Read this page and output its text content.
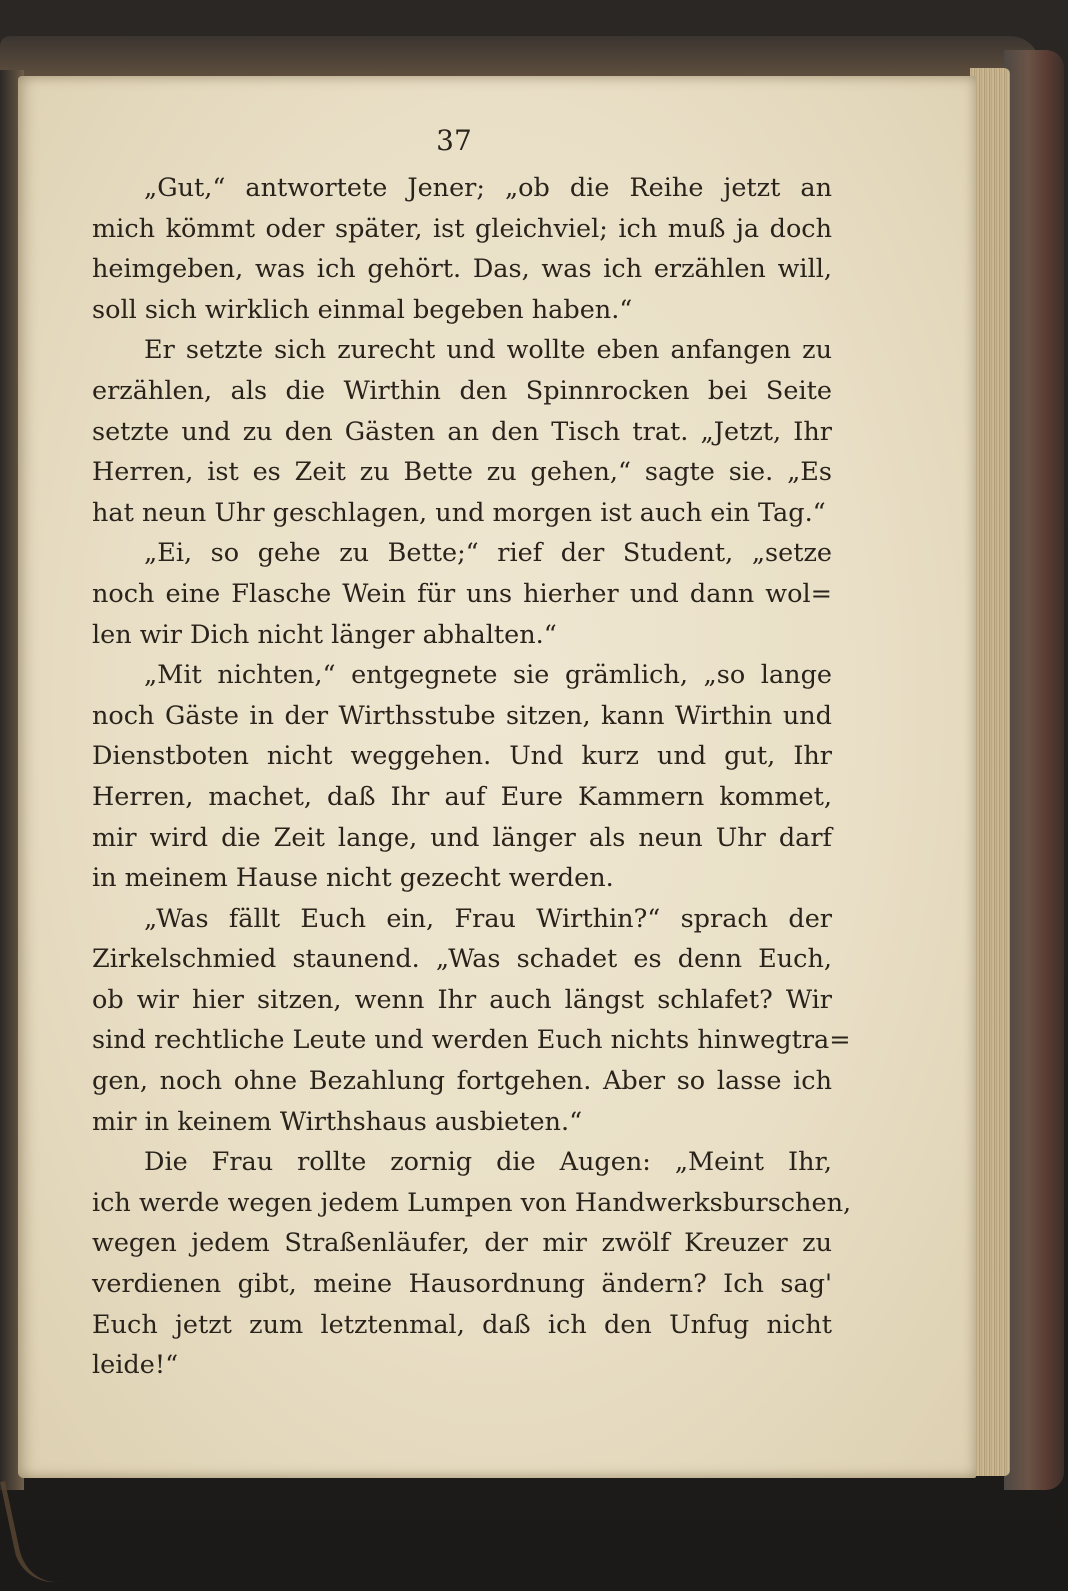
37
„Gut,“ antwortete Jener; „ob die Reihe jetzt an
mich kömmt oder später, ist gleichviel; ich muß ja doch
heimgeben, was ich gehört. Das, was ich erzählen will,
soll sich wirklich einmal begeben haben.“
Er setzte sich zurecht und wollte eben anfangen zu
erzählen, als die Wirthin den Spinnrocken bei Seite
setzte und zu den Gästen an den Tisch trat. „Jetzt, Ihr
Herren, ist es Zeit zu Bette zu gehen,“ sagte sie. „Es
hat neun Uhr geschlagen, und morgen ist auch ein Tag.“
„Ei, so gehe zu Bette;“ rief der Student, „setze
noch eine Flasche Wein für uns hierher und dann wol=
len wir Dich nicht länger abhalten.“
„Mit nichten,“ entgegnete sie grämlich, „so lange
noch Gäste in der Wirthsstube sitzen, kann Wirthin und
Dienstboten nicht weggehen. Und kurz und gut, Ihr
Herren, machet, daß Ihr auf Eure Kammern kommet,
mir wird die Zeit lange, und länger als neun Uhr darf
in meinem Hause nicht gezecht werden.
„Was fällt Euch ein, Frau Wirthin?“ sprach der
Zirkelschmied staunend. „Was schadet es denn Euch,
ob wir hier sitzen, wenn Ihr auch längst schlafet? Wir
sind rechtliche Leute und werden Euch nichts hinwegtra=
gen, noch ohne Bezahlung fortgehen. Aber so lasse ich
mir in keinem Wirthshaus ausbieten.“
Die Frau rollte zornig die Augen: „Meint Ihr,
ich werde wegen jedem Lumpen von Handwerksburschen,
wegen jedem Straßenläufer, der mir zwölf Kreuzer zu
verdienen gibt, meine Hausordnung ändern? Ich sag'
Euch jetzt zum letztenmal, daß ich den Unfug nicht
leide!“
